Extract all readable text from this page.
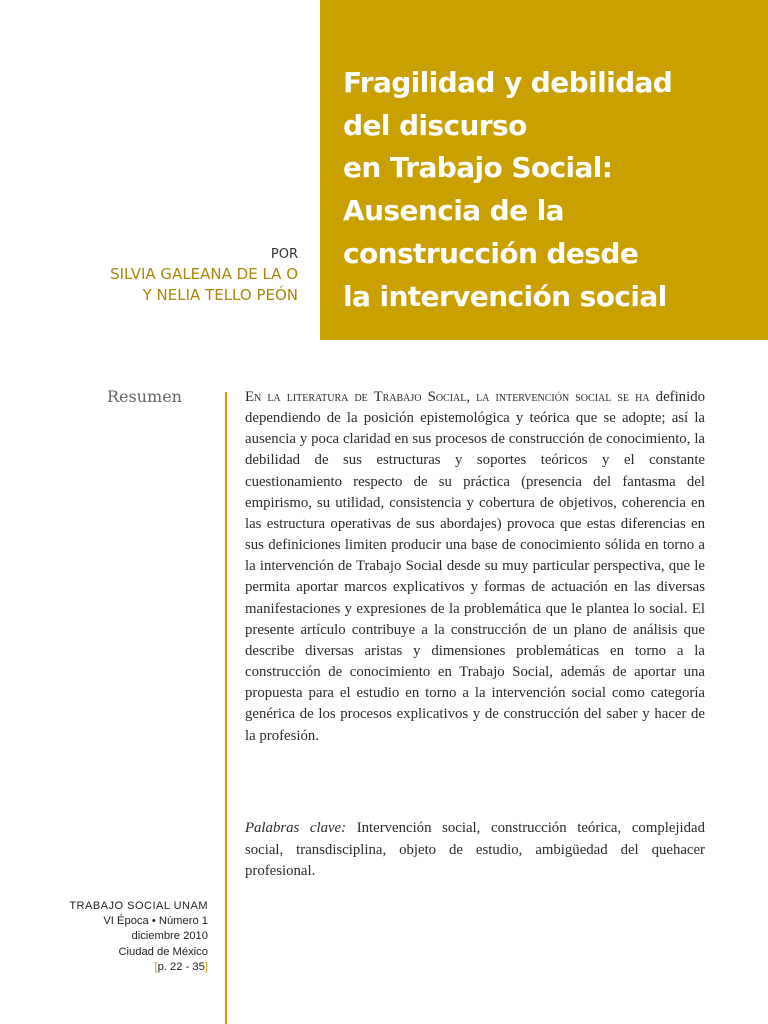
Fragilidad y debilidad
del discurso
en Trabajo Social:
Ausencia de la
construcción desde
la intervención social
POR
SILVIA GALEANA DE LA O
Y NELIA TELLO PEÓN
Resumen	En la literatura de Trabajo Social, la intervención social se ha definido dependiendo de la posición epistemológica y teórica que se adopte; así la ausencia y poca claridad en sus procesos de construcción de conocimiento, la debilidad de sus estructuras y soportes teóricos y el constante cuestionamiento respecto de su práctica (presencia del fantasma del empirismo, su utilidad, consistencia y cobertura de objetivos, coherencia en las estructura operativas de sus abordajes) provoca que estas diferencias en sus definiciones limiten producir una base de conocimiento sólida en torno a la intervención de Trabajo Social desde su muy particular perspectiva, que le permita aportar marcos explicativos y formas de actuación en las diversas manifestaciones y expresiones de la problemática que le plantea lo social. El presente artículo contribuye a la construcción de un plano de análisis que describe diversas aristas y dimensiones problemáticas en torno a la construcción de conocimiento en Trabajo Social, además de aportar una propuesta para el estudio en torno a la intervención social como categoría genérica de los procesos explicativos y de construcción del saber y hacer de la profesión.

Palabras clave: Intervención social, construcción teórica, complejidad social, transdisciplina, objeto de estudio, ambigüedad del quehacer profesional.

TRABAJO SOCIAL UNAM
VI Época • Número 1
diciembre 2010
Ciudad de México
[p. 22 - 35]
